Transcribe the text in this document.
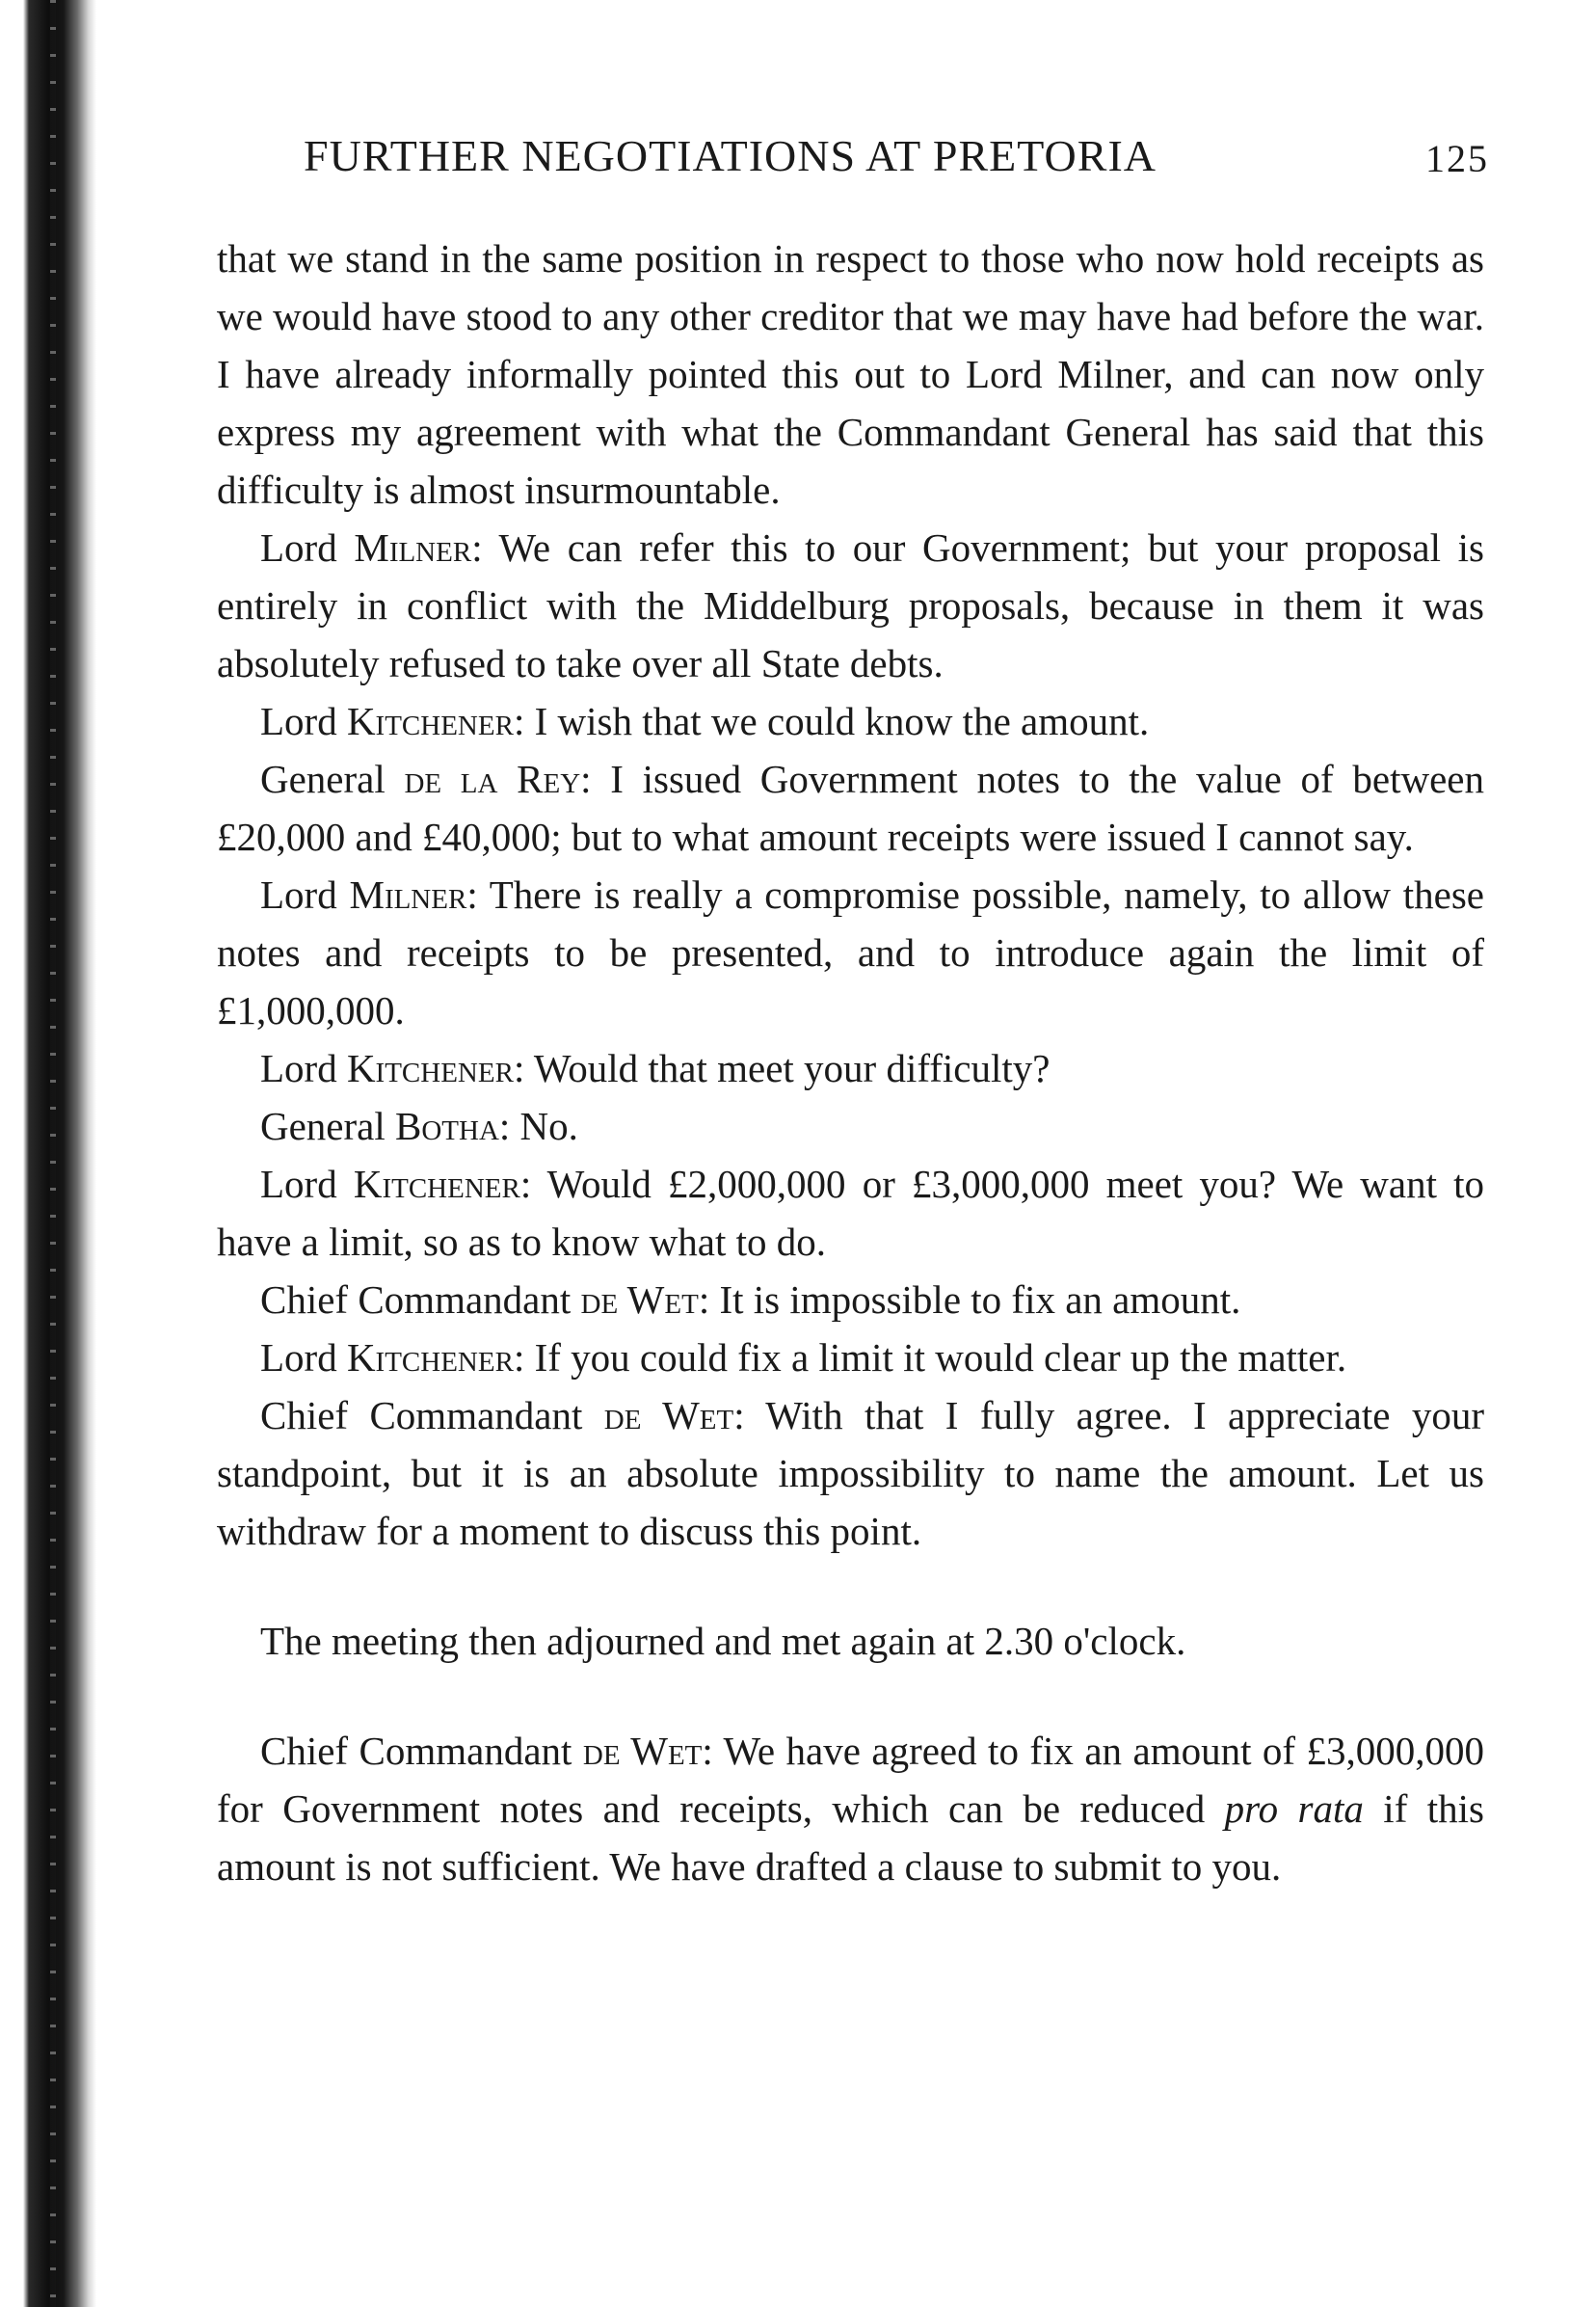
FURTHER NEGOTIATIONS AT PRETORIA	125

that we stand in the same position in respect to those who now hold receipts as we would have stood to any other creditor that we may have had before the war. I have already informally pointed this out to Lord Milner, and can now only express my agreement with what the Commandant General has said that this difficulty is almost insurmountable.

Lord Milner: We can refer this to our Government; but your proposal is entirely in conflict with the Middelburg proposals, because in them it was absolutely refused to take over all State debts.

Lord Kitchener: I wish that we could know the amount.

General de la Rey: I issued Government notes to the value of between £20,000 and £40,000; but to what amount receipts were issued I cannot say.

Lord Milner: There is really a compromise possible, namely, to allow these notes and receipts to be presented, and to introduce again the limit of £1,000,000.

Lord Kitchener: Would that meet your difficulty?

General Botha: No.

Lord Kitchener: Would £2,000,000 or £3,000,000 meet you? We want to have a limit, so as to know what to do.

Chief Commandant de Wet: It is impossible to fix an amount.

Lord Kitchener: If you could fix a limit it would clear up the matter.

Chief Commandant de Wet: With that I fully agree. I appreciate your standpoint, but it is an absolute impossibility to name the amount. Let us withdraw for a moment to discuss this point.

The meeting then adjourned and met again at 2.30 o'clock.

Chief Commandant de Wet: We have agreed to fix an amount of £3,000,000 for Government notes and receipts, which can be reduced pro rata if this amount is not sufficient. We have drafted a clause to submit to you.
